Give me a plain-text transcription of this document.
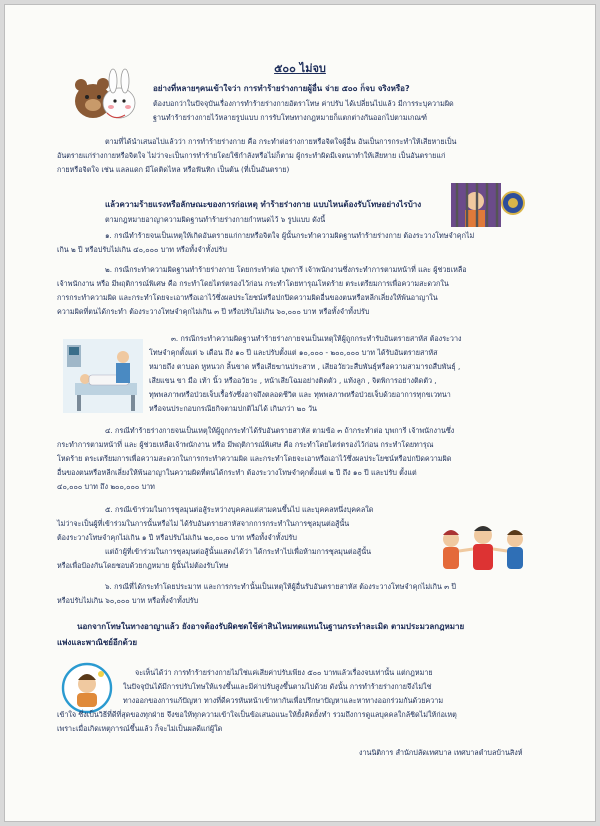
๕๐๐ ไม่จบ
อย่างที่หลายๆคนเข้าใจว่า การทำร้ายร่างกายผู้อื่น จ่าย ๕๐๐ ก็จบ จริงหรือ?
ต้องบอกว่าในปัจจุบันเรื่องการทำร้ายร่างกายอัตราโทษ ค่าปรับ ได้เปลี่ยนไปแล้ว มีการระบุความผิด
ฐานทำร้ายร่างกายไว้หลายรูปแบบ การรับโทษทางกฎหมายก็แตกต่างกันออกไปตามเกณฑ์
ตามที่ได้นำเสนอไปแล้วว่า การทำร้ายร่างกาย คือ กระทำต่อร่างกายหรือจิตใจผู้อื่น อันเป็นการกระทำให้เสียหายเป็น
อันตรายแก่ร่างกายหรือจิตใจ ไม่ว่าจะเป็นการทำร้ายโดยใช้กำลังหรือไม่ก็ตาม ผู้กระทำผิดมีเจตนาทำให้เสียหาย เป็นอันตรายแก่
กายหรือจิตใจ เช่น แลลแดก มีโดติดไหล หรือฟันทิก เป็นต้น (ที่เป็นอันตราย)
แล้วความร้ายแรงหรือลักษณะของการก่อเหตุ ทำร้ายร่างกาย แบบไหนต้องรับโทษอย่างไรบ้าง
ตามกฎหมายอาญาความผิดฐานทำร้ายร่างกายกำหนดไว้ ๖ รูปแบบ ดังนี้
๑. กรณีทำร้ายจนเป็นเหตุให้เกิดอันตรายแก่กายหรือจิตใจ ผู้นั้นกระทำความผิดฐานทำร้ายร่างกาย ต้องระวางโทษจำคุกไม่
เกิน ๒ ปี หรือปรับไม่เกิน ๔๐,๐๐๐ บาท หรือทั้งจำทั้งปรับ
๒. กรณีกระทำความผิดฐานทำร้ายร่างกาย โดยกระทำต่อ บุพการี เจ้าพนักงานซึ่งกระทำการตามหน้าที่ และ ผู้ช่วยเหลือ
เจ้าพนักงาน หรือ มีพฤติการณ์พิเศษ คือ กระทำโดยไตร่ตรองไว้ก่อน กระทำโดยทารุณโหดร้าย ตระเตรียมการเพื่อความสะดวกใน
การกระทำความผิด และกระทำโดยจะเอาหรือเอาไว้ซึ่งผลประโยชน์หรือปกปิดความผิดอื่นของตนหรือหลีกเลี่ยงให้พ้นอาญาใน
ความผิดที่ตนได้กระทำ ต้องระวางโทษจำคุกไม่เกิน ๓ ปี หรือปรับไม่เกิน ๖๐,๐๐๐ บาท หรือทั้งจำทั้งปรับ
๓. กรณีกระทำความผิดฐานทำร้ายร่างกายจนเป็นเหตุให้ผู้ถูกกระทำรับอันตรายสาหัส ต้องระวาง
โทษจำคุกตั้งแต่ ๖ เดือน ถึง ๑๐ ปี และปรับตั้งแต่ ๑๐,๐๐๐ - ๒๐๐,๐๐๐ บาท ได้รับอันตรายสาหัส
หมายถึง ตาบอด หูหนวก ลิ้นขาด หรือเสียฆานประสาท , เสียอวัยวะสืบพันธุ์หรือความสามารถสืบพันธุ์ ,
เสียแขน ขา มือ เท้า นิ้ว หรืออวัยวะ , หน้าเสียโฉมอย่างติดตัว , แท้งลูก , จิตพิการอย่างติดตัว ,
ทุพพลภาพหรือป่วยเจ็บเรื้อรังซึ่งอาจถึงตลอดชีวิต และ ทุพพลภาพหรือป่วยเจ็บด้วยอาการทุกขเวทนา
หรือจนประกอบกรณียกิจตามปกติไม่ได้ เกินกว่า ๒๐ วัน
๔. กรณีทำร้ายร่างกายจนเป็นเหตุให้ผู้ถูกกระทำได้รับอันตรายสาหัส ตามข้อ ๓ ถ้ากระทำต่อ บุพการี เจ้าพนักงานซึ่ง
กระทำการตามหน้าที่ และ ผู้ช่วยเหลือเจ้าพนักงาน หรือ มีพฤติการณ์พิเศษ คือ กระทำโดยไตร่ตรองไว้ก่อน กระทำโดยทารุณ
โหดร้าย ตระเตรียมการเพื่อความสะดวกในการกระทำความผิด และกระทำโดยจะเอาหรือเอาไว้ซึ่งผลประโยชน์หรือปกปิดความผิด
อื่นของตนหรือหลีกเลี่ยงให้พ้นอาญาในความผิดที่ตนได้กระทำ ต้องระวางโทษจำคุกตั้งแต่ ๒ ปี ถึง ๑๐ ปี และปรับ ตั้งแต่
๔๐,๐๐๐ บาท ถึง ๒๐๐,๐๐๐ บาท
๕. กรณีเข้าร่วมในการชุลมุนต่อสู้ระหว่างบุคคลแต่สามคนขึ้นไป และบุคคลหนึ่งบุคคลใด
ไม่ว่าจะเป็นผู้ที่เข้าร่วมในการนั้นหรือไม่ ได้รับอันตรายสาหัสจากการกระทำในการชุลมุนต่อสู้นั้น
ต้องระวางโทษจำคุกไม่เกิน ๑ ปี หรือปรับไม่เกิน ๒๐,๐๐๐ บาท หรือทั้งจำทั้งปรับ
แต่ถ้าผู้ที่เข้าร่วมในการชุลมุนต่อสู้นั้นแสดงได้ว่า ได้กระทำไปเพื่อห้ามการชุลมุนต่อสู้นั้น
หรือเพื่อป้องกันโดยชอบด้วยกฎหมาย ผู้นั้นไม่ต้องรับโทษ
๖. กรณีที่ได้กระทำโดยประมาท และการกระทำนั้นเป็นเหตุให้ผู้อื่นรับอันตรายสาหัส ต้องระวางโทษจำคุกไม่เกิน ๓ ปี
หรือปรับไม่เกิน ๖๐,๐๐๐ บาท หรือทั้งจำทั้งปรับ
นอกจากโทษในทางอาญาแล้ว ยังอาจต้องรับผิดชดใช้ค่าสินไหมทดแทนในฐานกระทำละเมิด ตามประมวลกฎหมาย
แพ่งและพาณิชย์อีกด้วย
จะเห็นได้ว่า การทำร้ายร่างกายไม่ใช่แค่เสียค่าปรับเพียง ๕๐๐ บาทแล้วเรื่องจบเท่านั้น แต่กฎหมาย
ในปัจจุบันได้มีการปรับโทษให้แรงขึ้นและมีค่าปรับสูงขึ้นตามไปด้วย ดังนั้น การทำร้ายร่างกายจึงไม่ใช่
ทางออกของการแก้ปัญหา ทางที่ดีควรหันหน้าเข้าหากันเพื่อปรึกษาปัญหาและหาทางออกร่วมกันด้วยความ
เข้าใจ ซึ่งเป็นวิธีที่ดีที่สุดของทุกฝ่าย จึงขอให้ทุกความเข้าใจเป็นข้อเสนอแนะให้ยั้งคิดยั้งทำ รวมถึงการดูแลบุคคลใกล้ชิดไม่ให้ก่อเหตุ
เพราะเมื่อเกิดเหตุการณ์ขึ้นแล้ว ก็จะไม่เป็นผลดีแก่ผู้ใด
งานนิติการ สำนักปลัดเทศบาล เทศบาลตำบลบ้านสิงห์
